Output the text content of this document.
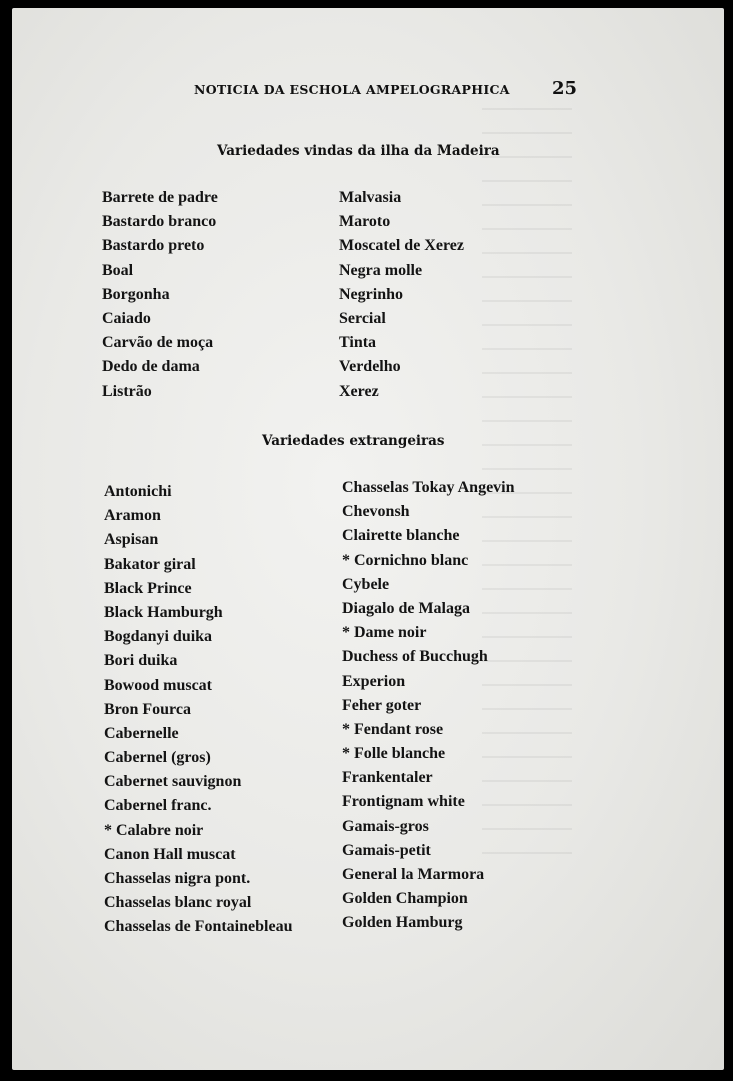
NOTICIA DA ESCHOLA AMPELOGRAPHICA 25
Variedades vindas da ilha da Madeira
Barrete de padre
Bastardo branco
Bastardo preto
Boal
Borgonha
Caiado
Carvão de moça
Dedo de dama
Listrão
Malvasia
Maroto
Moscatel de Xerez
Negra molle
Negrinho
Sercial
Tinta
Verdelho
Xerez
Variedades extrangeiras
Antonichi
Aramon
Aspisan
Bakator giral
Black Prince
Black Hamburgh
Bogdanyi duika
Bori duika
Bowood muscat
Bron Fourca
Cabernelle
Cabernel (gros)
Cabernet sauvignon
Cabernel franc.
* Calabre noir
Canon Hall muscat
Chasselas nigra pont.
Chasselas blanc royal
Chasselas de Fontainebleau
Chasselas Tokay Angevin
Chevonsh
Clairette blanche
* Cornichno blanc
Cybele
Diagalo de Malaga
* Dame noir
Duchess of Bucchugh
Experion
Feher goter
* Fendant rose
* Folle blanche
Frankentaler
Frontignam white
Gamais-gros
Gamais-petit
General la Marmora
Golden Champion
Golden Hamburg
